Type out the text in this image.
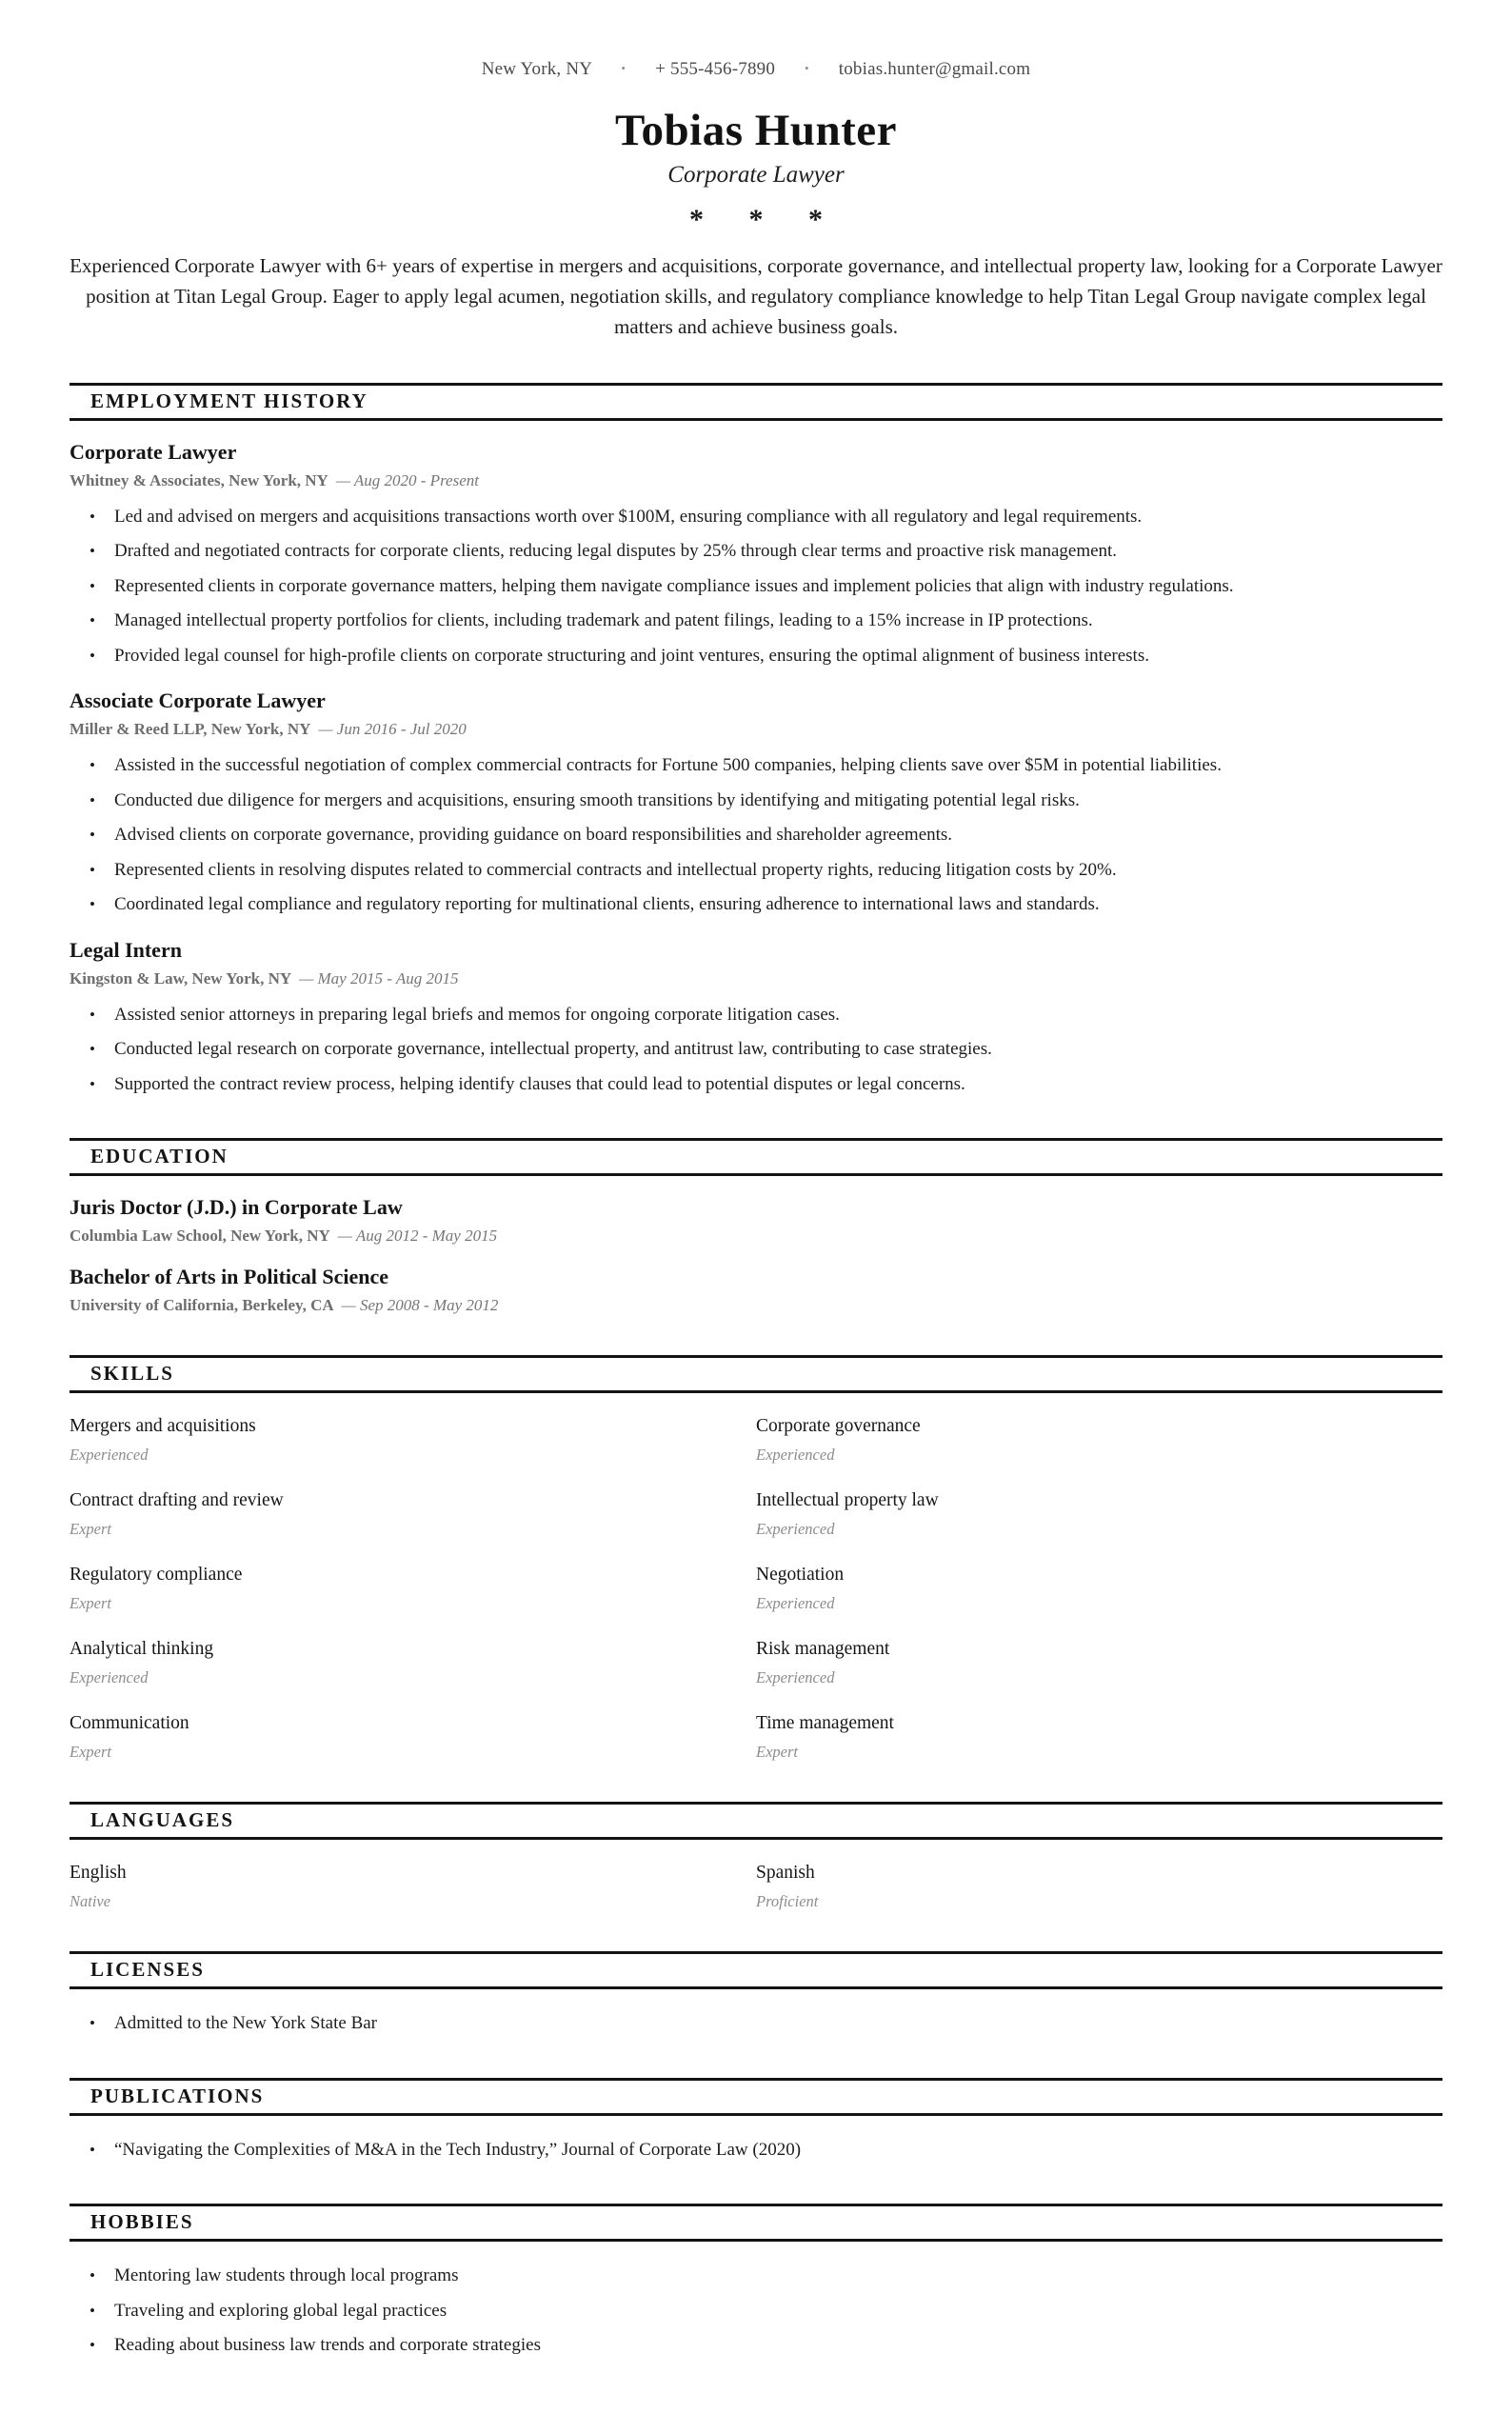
New York, NY • + 555-456-7890 • tobias.hunter@gmail.com
Tobias Hunter
Corporate Lawyer
* * *

Experienced Corporate Lawyer with 6+ years of expertise in mergers and acquisitions, corporate governance, and intellectual property law, looking for a Corporate Lawyer position at Titan Legal Group. Eager to apply legal acumen, negotiation skills, and regulatory compliance knowledge to help Titan Legal Group navigate complex legal matters and achieve business goals.

EMPLOYMENT HISTORY
Corporate Lawyer
Whitney & Associates, New York, NY — Aug 2020 - Present
• Led and advised on mergers and acquisitions transactions worth over $100M, ensuring compliance with all regulatory and legal requirements.
• Drafted and negotiated contracts for corporate clients, reducing legal disputes by 25% through clear terms and proactive risk management.
• Represented clients in corporate governance matters, helping them navigate compliance issues and implement policies that align with industry regulations.
• Managed intellectual property portfolios for clients, including trademark and patent filings, leading to a 15% increase in IP protections.
• Provided legal counsel for high-profile clients on corporate structuring and joint ventures, ensuring the optimal alignment of business interests.
Associate Corporate Lawyer
Miller & Reed LLP, New York, NY — Jun 2016 - Jul 2020
• Assisted in the successful negotiation of complex commercial contracts for Fortune 500 companies, helping clients save over $5M in potential liabilities.
• Conducted due diligence for mergers and acquisitions, ensuring smooth transitions by identifying and mitigating potential legal risks.
• Advised clients on corporate governance, providing guidance on board responsibilities and shareholder agreements.
• Represented clients in resolving disputes related to commercial contracts and intellectual property rights, reducing litigation costs by 20%.
• Coordinated legal compliance and regulatory reporting for multinational clients, ensuring adherence to international laws and standards.
Legal Intern
Kingston & Law, New York, NY — May 2015 - Aug 2015
• Assisted senior attorneys in preparing legal briefs and memos for ongoing corporate litigation cases.
• Conducted legal research on corporate governance, intellectual property, and antitrust law, contributing to case strategies.
• Supported the contract review process, helping identify clauses that could lead to potential disputes or legal concerns.
EDUCATION
Juris Doctor (J.D.) in Corporate Law
Columbia Law School, New York, NY — Aug 2012 - May 2015
Bachelor of Arts in Political Science
University of California, Berkeley, CA — Sep 2008 - May 2012
SKILLS
Mergers and acquisitions
Experienced
Corporate governance
Experienced
Contract drafting and review
Expert
Intellectual property law
Experienced
Regulatory compliance
Expert
Negotiation
Experienced
Analytical thinking
Experienced
Risk management
Experienced
Communication
Expert
Time management
Expert
LANGUAGES
English
Native
Spanish
Proficient
LICENSES
• Admitted to the New York State Bar
PUBLICATIONS
• “Navigating the Complexities of M&A in the Tech Industry,” Journal of Corporate Law (2020)
HOBBIES
• Mentoring law students through local programs
• Traveling and exploring global legal practices
• Reading about business law trends and corporate strategies
